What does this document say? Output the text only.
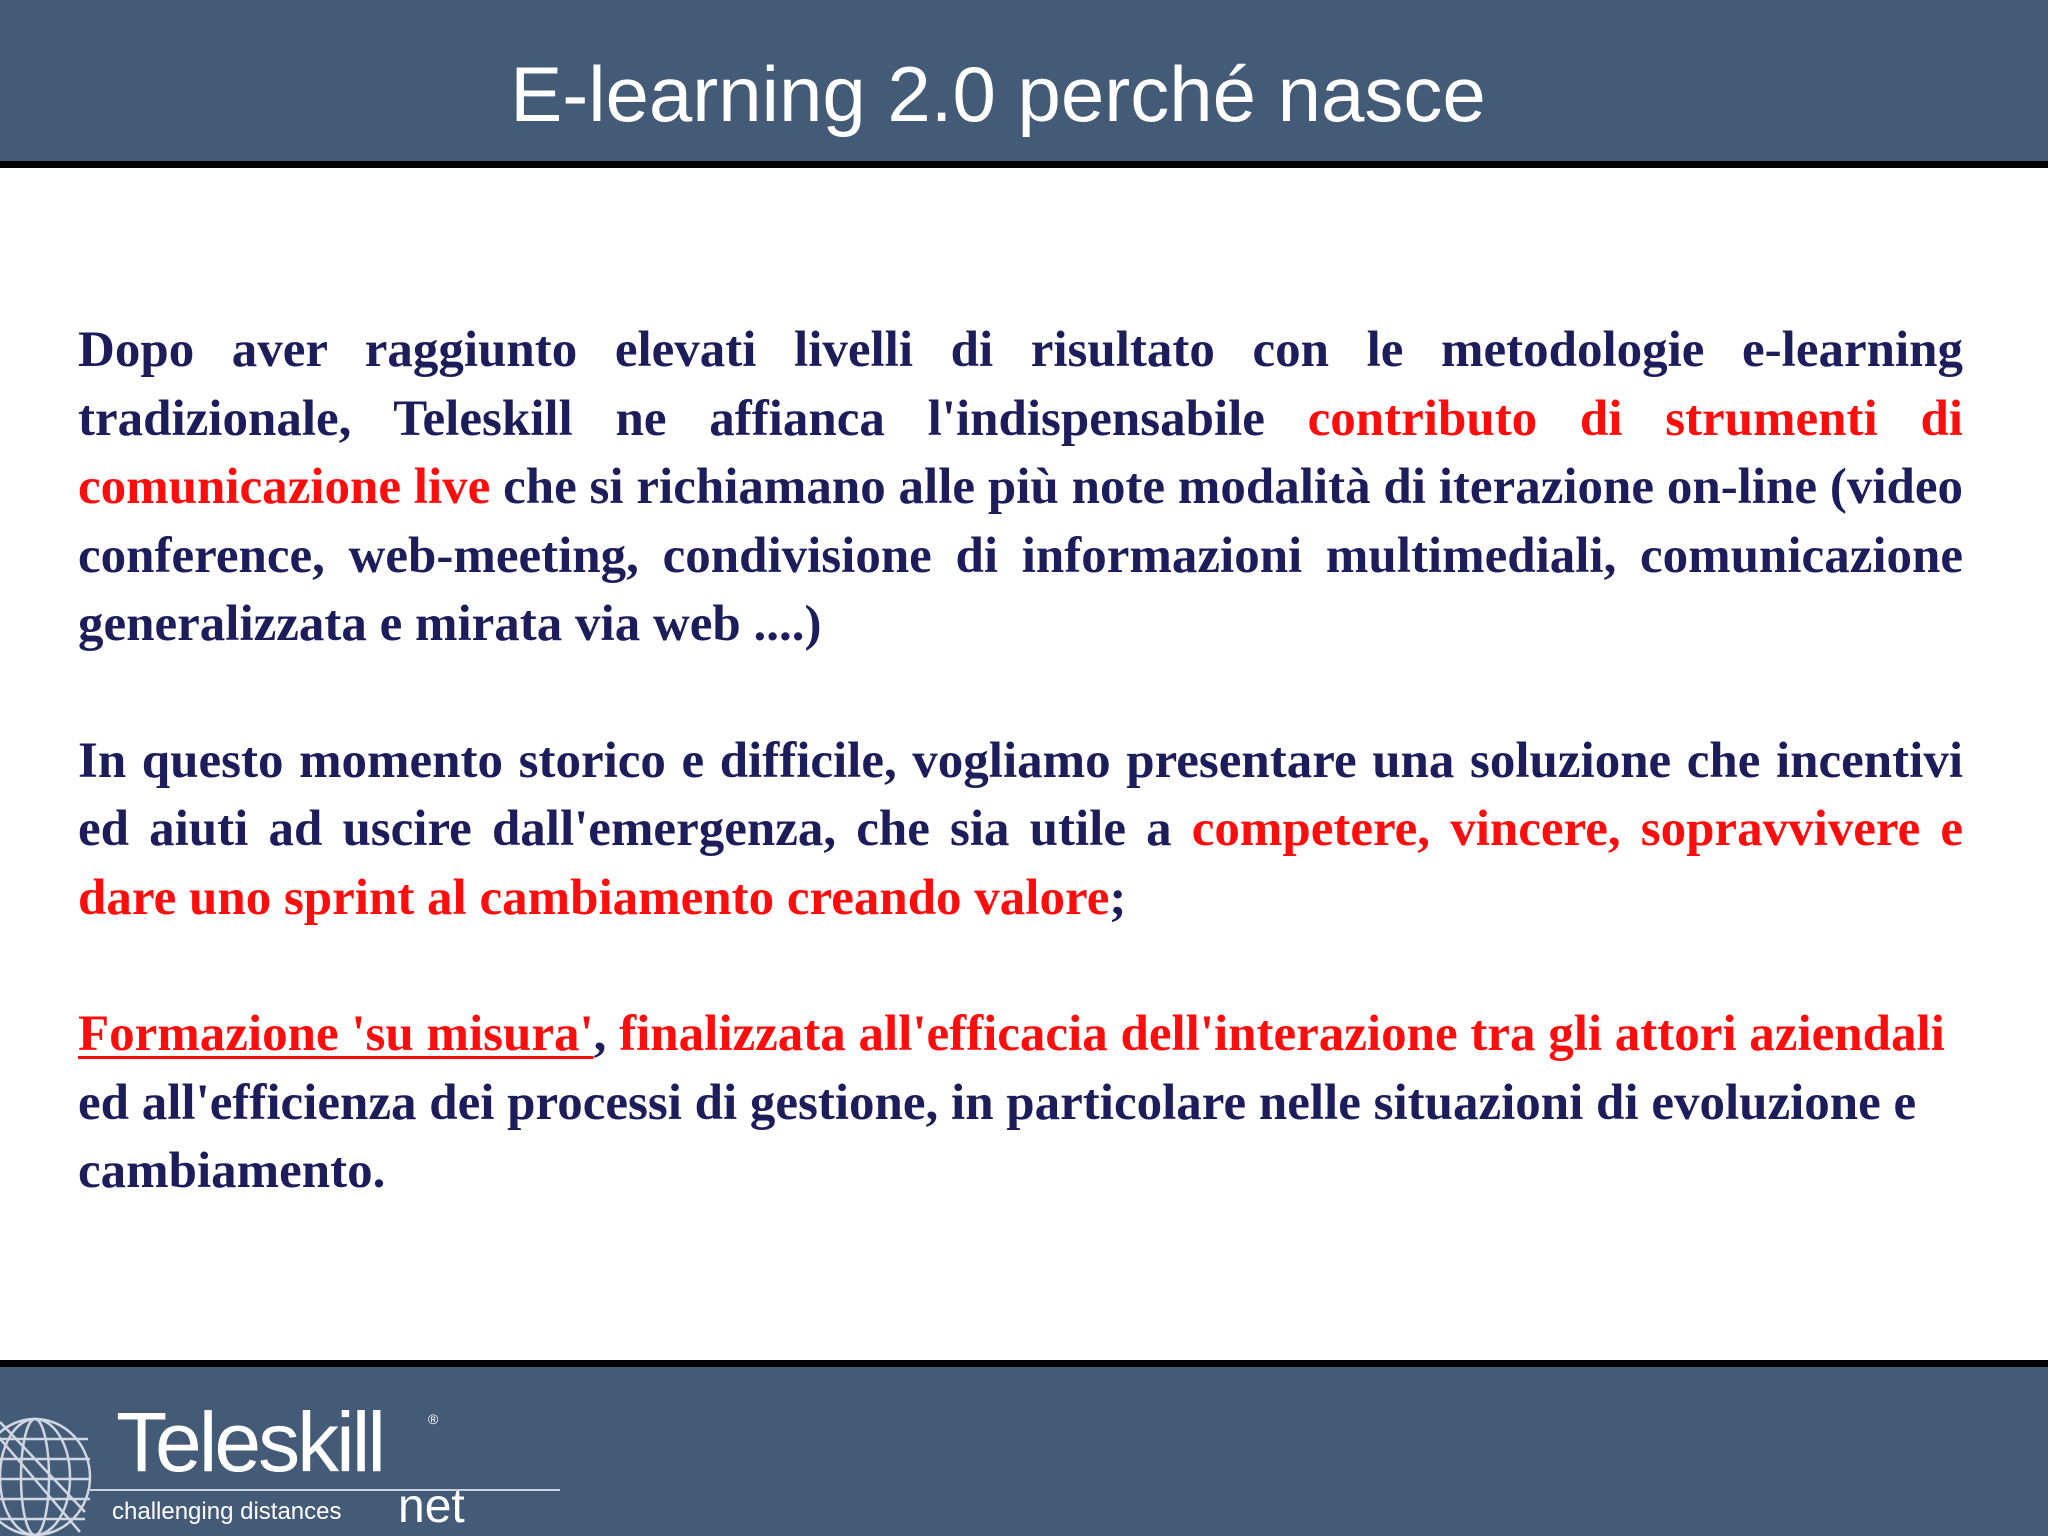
E-learning 2.0 perché nasce

Dopo aver raggiunto elevati livelli di risultato con le metodologie e-learning tradizionale, Teleskill ne affianca l'indispensabile contributo di strumenti di comunicazione live che si richiamano alle più note modalità di iterazione on-line (video conference, web-meeting, condivisione di informazioni multimediali, comunicazione generalizzata e mirata via web ....)

In questo momento storico e difficile, vogliamo presentare una soluzione che incentivi ed aiuti ad uscire dall'emergenza, che sia utile a competere, vincere, sopravvivere e dare uno sprint al cambiamento creando valore;

Formazione 'su misura', finalizzata all'efficacia dell'interazione tra gli attori aziendali ed all'efficienza dei processi di gestione, in particolare nelle situazioni di evoluzione e cambiamento.

Teleskill	®
challenging distances net
